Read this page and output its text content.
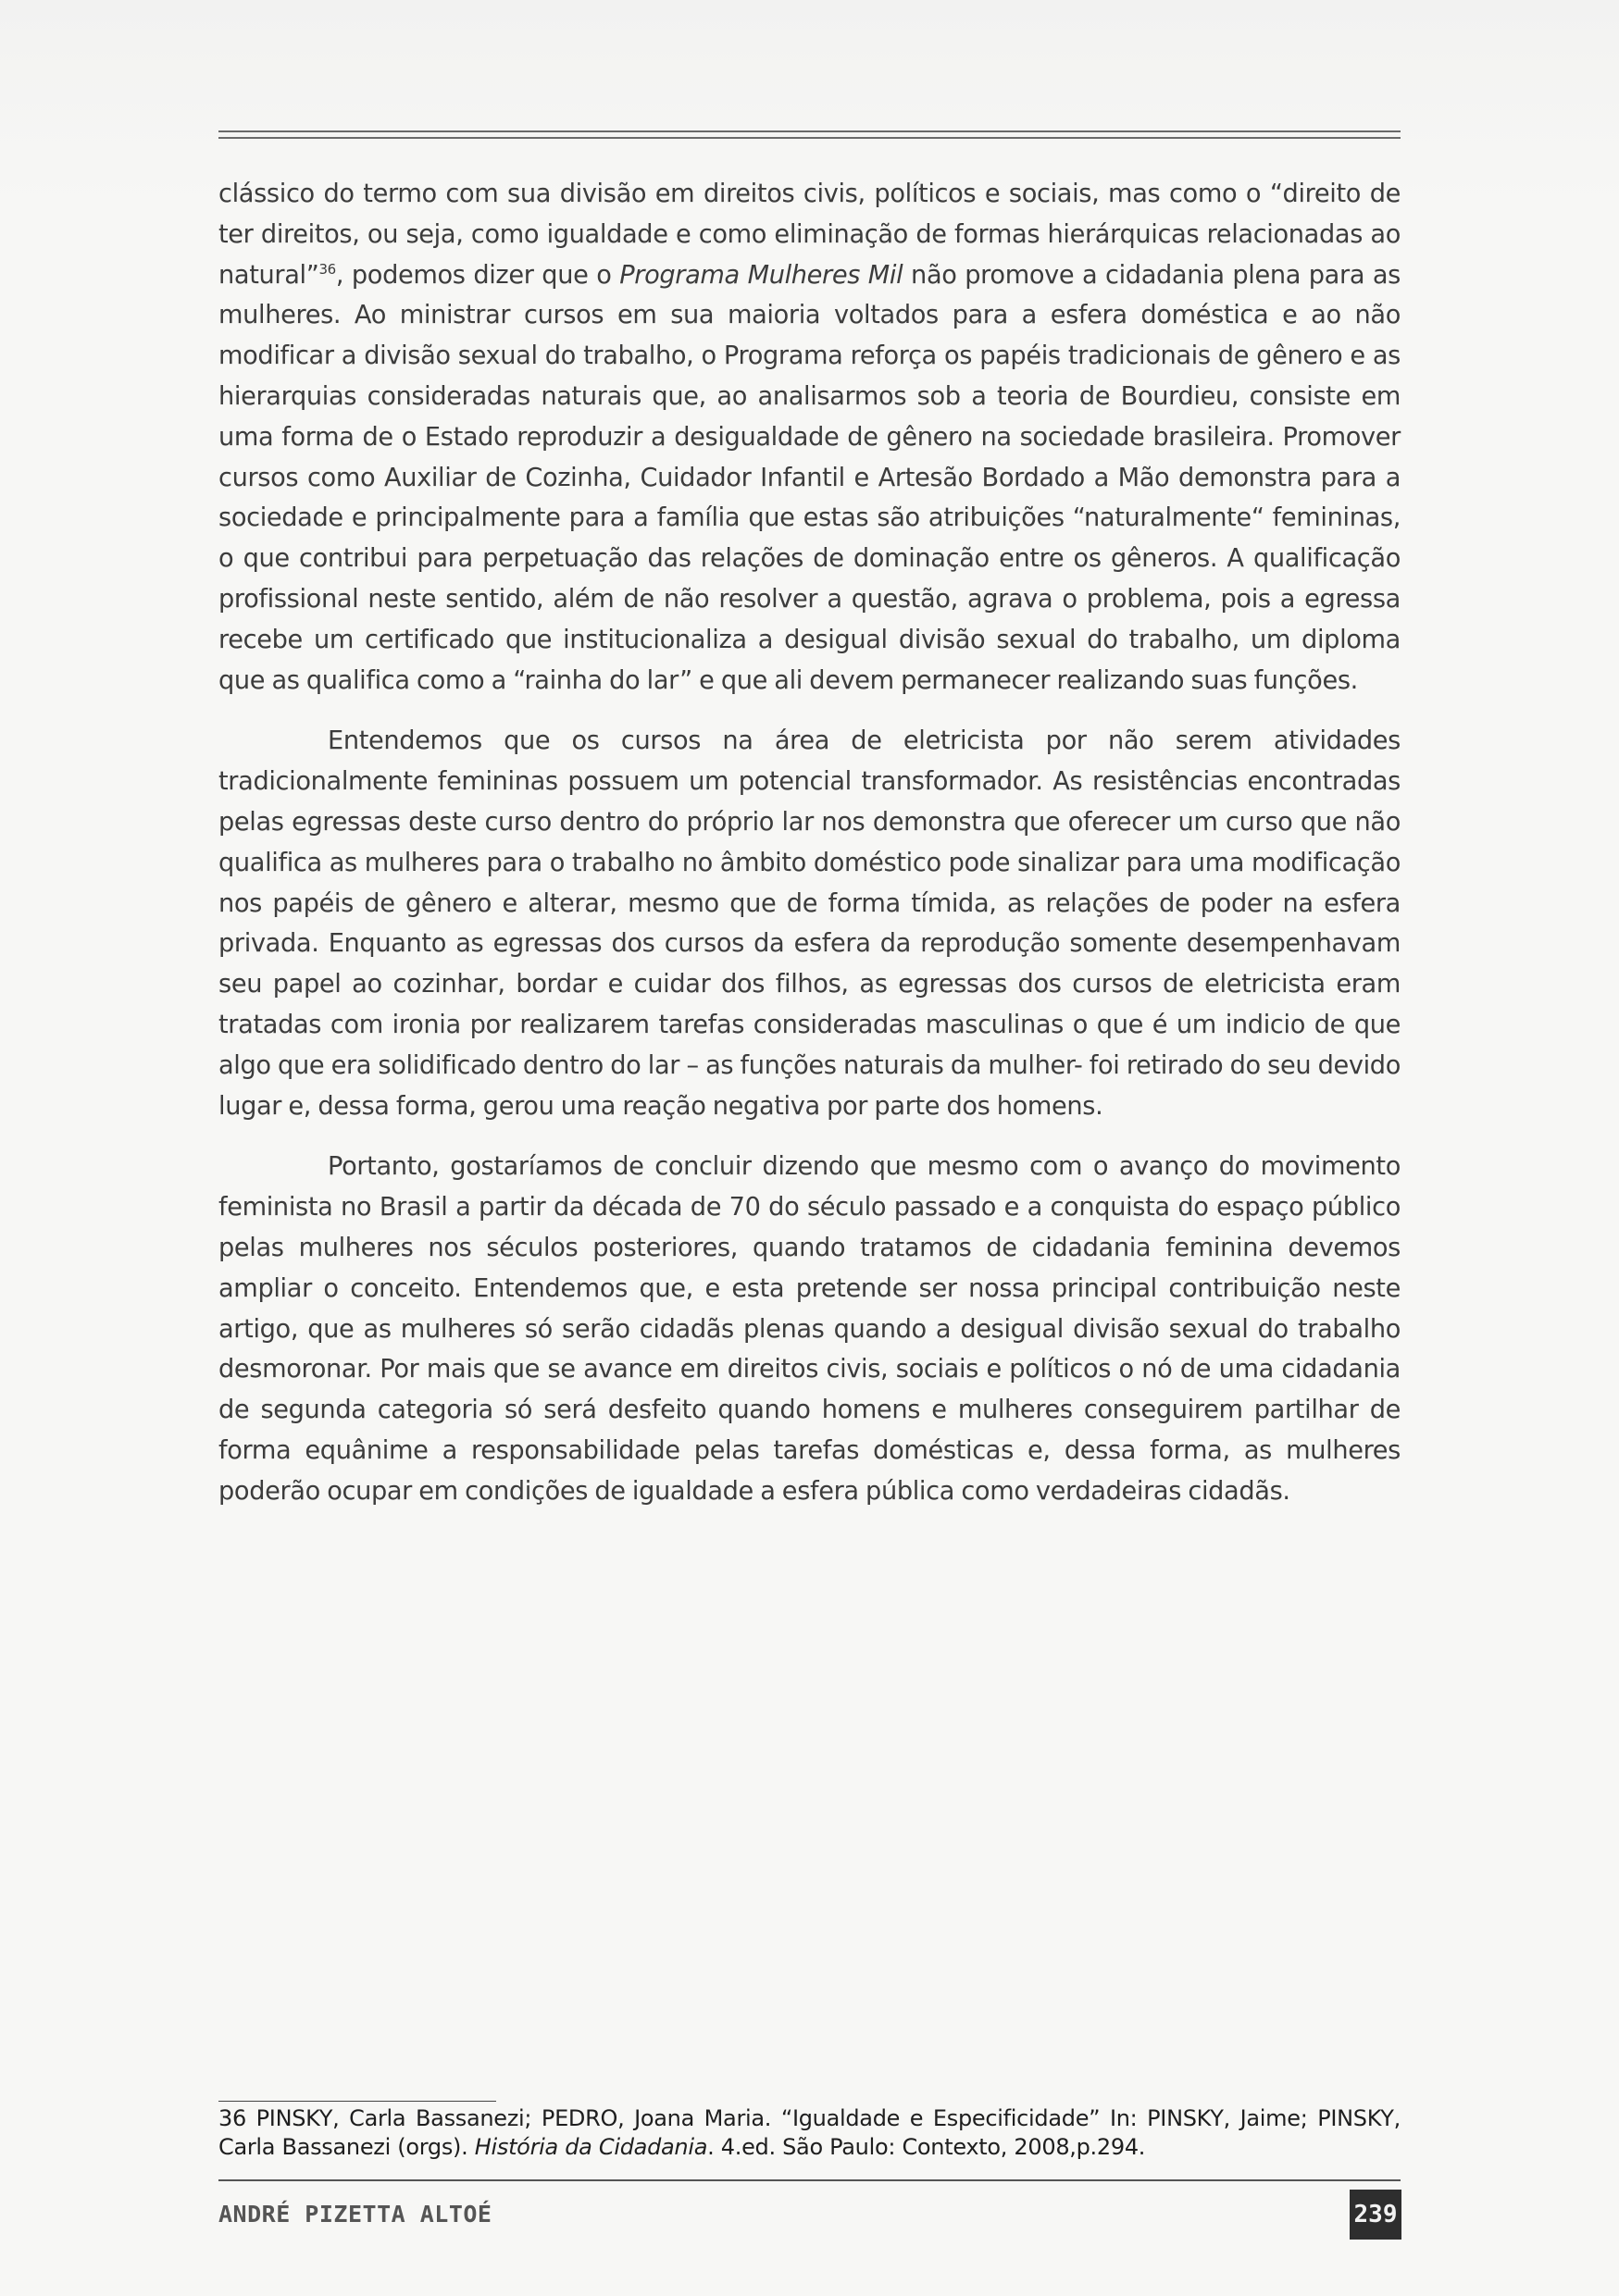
clássico do termo com sua divisão em direitos civis, políticos e sociais, mas como o “direito de ter direitos, ou seja, como igualdade e como eliminação de formas hierárquicas relacionadas ao natural”$^{36}$, podemos dizer que o Programa Mulheres Mil não promove a cidadania plena para as mulheres. Ao ministrar cursos em sua maioria voltados para a esfera doméstica e ao não modificar a divisão sexual do trabalho, o Programa reforça os papéis tradicionais de gênero e as hierarquias consideradas naturais que, ao analisarmos sob a teoria de Bourdieu, consiste em uma forma de o Estado reproduzir a desigualdade de gênero na sociedade brasileira. Promover cursos como Auxiliar de Cozinha, Cuidador Infantil e Artesão Bordado a Mão demonstra para a sociedade e principalmente para a família que estas são atribuições “naturalmente“ femininas, o que contribui para perpetuação das relações de dominação entre os gêneros. A qualificação profissional neste sentido, além de não resolver a questão, agrava o problema, pois a egressa recebe um certificado que institucionaliza a desigual divisão sexual do trabalho, um diploma que as qualifica como a “rainha do lar” e que ali devem permanecer realizando suas funções.

Entendemos que os cursos na área de eletricista por não serem atividades tradicionalmente femininas possuem um potencial transformador. As resistências encontradas pelas egressas deste curso dentro do próprio lar nos demonstra que oferecer um curso que não qualifica as mulheres para o trabalho no âmbito doméstico pode sinalizar para uma modificação nos papéis de gênero e alterar, mesmo que de forma tímida, as relações de poder na esfera privada. Enquanto as egressas dos cursos da esfera da reprodução somente desempenhavam seu papel ao cozinhar, bordar e cuidar dos filhos, as egressas dos cursos de eletricista eram tratadas com ironia por realizarem tarefas consideradas masculinas o que é um indicio de que algo que era solidificado dentro do lar – as funções naturais da mulher- foi retirado do seu devido lugar e, dessa forma, gerou uma reação negativa por parte dos homens.

Portanto, gostaríamos de concluir dizendo que mesmo com o avanço do movimento feminista no Brasil a partir da década de 70 do século passado e a conquista do espaço público pelas mulheres nos séculos posteriores, quando tratamos de cidadania feminina devemos ampliar o conceito. Entendemos que, e esta pretende ser nossa principal contribuição neste artigo, que as mulheres só serão cidadãs plenas quando a desigual divisão sexual do trabalho desmoronar. Por mais que se avance em direitos civis, sociais e políticos o nó de uma cidadania de segunda categoria só será desfeito quando homens e mulheres conseguirem partilhar de forma equânime a responsabilidade pelas tarefas domésticas e, dessa forma, as mulheres poderão ocupar em condições de igualdade a esfera pública como verdadeiras cidadãs.

36 PINSKY, Carla Bassanezi; PEDRO, Joana Maria. “Igualdade e Especificidade” In: PINSKY, Jaime; PINSKY, Carla Bassanezi (orgs). História da Cidadania. 4.ed. São Paulo: Contexto, 2008,p.294.
ANDRÉ PIZETTA ALTOÉ	239
